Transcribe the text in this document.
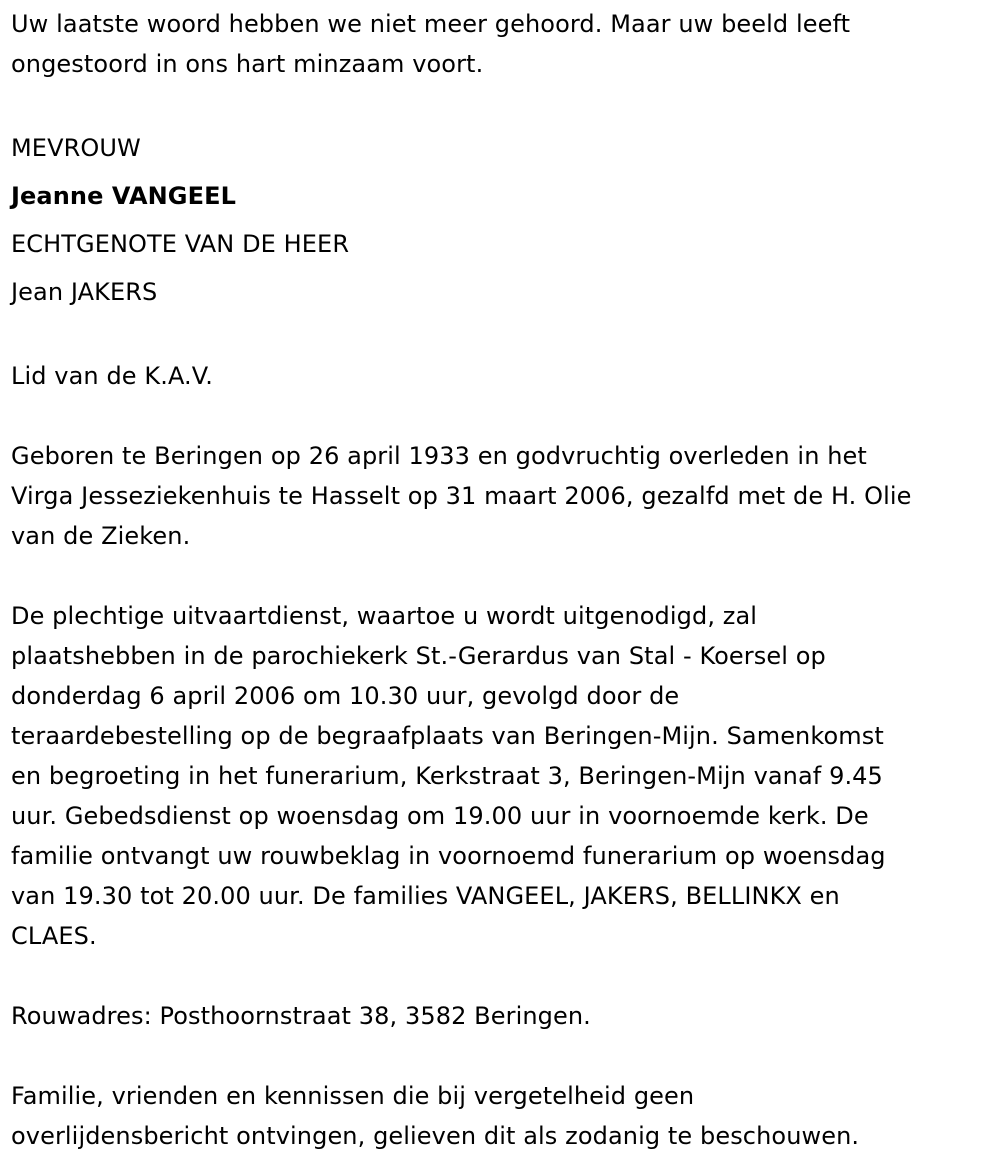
Uw laatste woord hebben we niet meer gehoord. Maar uw beeld leeft
ongestoord in ons hart minzaam voort.

MEVROUW
Jeanne VANGEEL
ECHTGENOTE VAN DE HEER
Jean JAKERS

Lid van de K.A.V.

Geboren te Beringen op 26 april 1933 en godvruchtig overleden in het
Virga Jesseziekenhuis te Hasselt op 31 maart 2006, gezalfd met de H. Olie
van de Zieken.

De plechtige uitvaartdienst, waartoe u wordt uitgenodigd, zal
plaatshebben in de parochiekerk St.-Gerardus van Stal - Koersel op
donderdag 6 april 2006 om 10.30 uur, gevolgd door de
teraardebestelling op de begraafplaats van Beringen-Mijn. Samenkomst
en begroeting in het funerarium, Kerkstraat 3, Beringen-Mijn vanaf 9.45
uur. Gebedsdienst op woensdag om 19.00 uur in voornoemde kerk. De
familie ontvangt uw rouwbeklag in voornoemd funerarium op woensdag
van 19.30 tot 20.00 uur. De families VANGEEL, JAKERS, BELLINKX en
CLAES.

Rouwadres: Posthoornstraat 38, 3582 Beringen.

Familie, vrienden en kennissen die bij vergetelheid geen
overlijdensbericht ontvingen, gelieven dit als zodanig te beschouwen.
